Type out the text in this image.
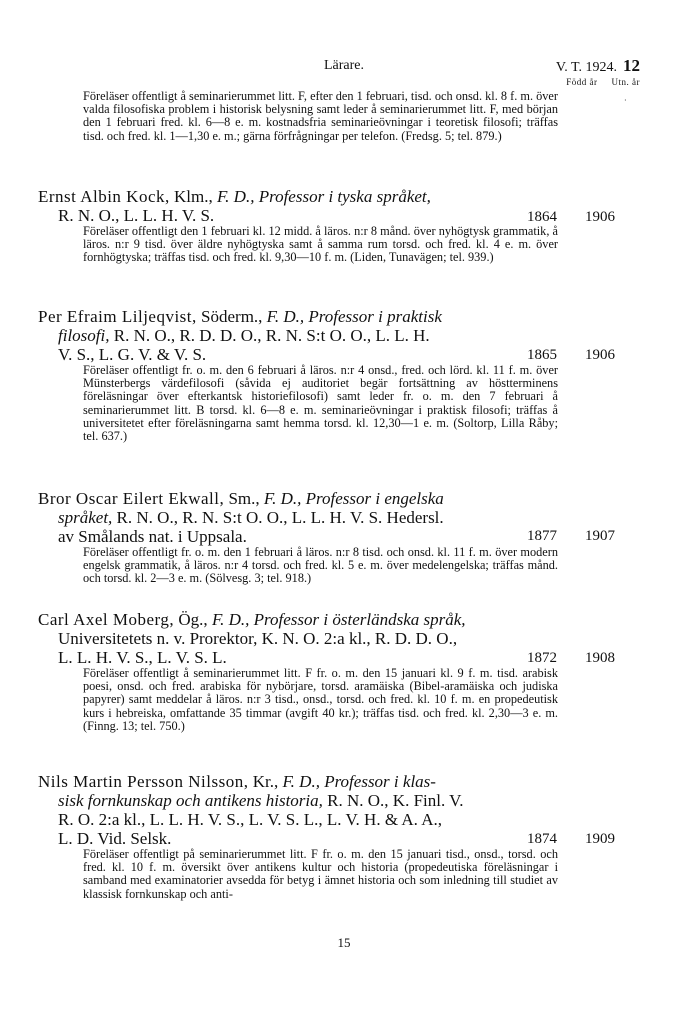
Lärare.	V. T. 1924. 12
Född år Utn. år
·
Föreläser offentligt å seminarierummet litt. F, efter den 1 februari, tisd. och onsd. kl. 8 f. m. över valda filosofiska problem i historisk belysning samt leder å seminarierummet litt. F, med början den 1 februari fred. kl. 6—8 e. m. kostnadsfria seminarieövningar i teoretisk filosofi; träffas tisd. och fred. kl. 1—1,30 e. m.; gärna förfrågningar per telefon. (Fredsg. 5; tel. 879.)
Ernst Albin Kock, Klm., F. D., Professor i tyska språket,
R. N. O., L. L. H. V. S.
Föreläser offentligt den 1 februari kl. 12 midd. å läros. n:r 8 månd. över nyhögtysk grammatik, å läros. n:r 9 tisd. över äldre nyhögtyska samt å samma rum torsd. och fred. kl. 4 e. m. över fornhögtyska; träffas tisd. och fred. kl. 9,30—10 f. m. (Liden, Tunavägen; tel. 939.)
1864 1906
Per Efraim Liljeqvist, Söderm., F. D., Professor i praktisk
filosofi, R. N. O., R. D. D. O., R. N. S:t O. O., L. L. H.
V. S., L. G. V. & V. S.
Föreläser offentligt fr. o. m. den 6 februari å läros. n:r 4 onsd., fred. och lörd. kl. 11 f. m. över Münsterbergs värdefilosofi (såvida ej auditoriet begär fortsättning av höstterminens föreläsningar över efterkantsk historiefilosofi) samt leder fr. o. m. den 7 februari å seminarierummet litt. B torsd. kl. 6—8 e. m. seminarieövningar i praktisk filosofi; träffas å universitetet efter föreläsningarna samt hemma torsd. kl. 12,30—1 e. m. (Soltorp, Lilla Råby; tel. 637.)
1865 1906
Bror Oscar Eilert Ekwall, Sm., F. D., Professor i engelska
språket, R. N. O., R. N. S:t O. O., L. L. H. V. S. Hedersl.
av Smålands nat. i Uppsala.
Föreläser offentligt fr. o. m. den 1 februari å läros. n:r 8 tisd. och onsd. kl. 11 f. m. över modern engelsk grammatik, å läros. n:r 4 torsd. och fred. kl. 5 e. m. över medelengelska; träffas månd. och torsd. kl. 2—3 e. m. (Sölvesg. 3; tel. 918.)
1877 1907
Carl Axel Moberg, Ög., F. D., Professor i österländska språk,
Universitetets n. v. Prorektor, K. N. O. 2:a kl., R. D. D. O.,
L. L. H. V. S., L. V. S. L.
Föreläser offentligt å seminarierummet litt. F fr. o. m. den 15 januari kl. 9 f. m. tisd. arabisk poesi, onsd. och fred. arabiska för nybörjare, torsd. aramäiska (Bibel-aramäiska och judiska papyrer) samt meddelar å läros. n:r 3 tisd., onsd., torsd. och fred. kl. 10 f. m. en propedeutisk kurs i hebreiska, omfattande 35 timmar (avgift 40 kr.); träffas tisd. och fred. kl. 2,30—3 e. m. (Finng. 13; tel. 750.)
1872 1908
Nils Martin Persson Nilsson, Kr., F. D., Professor i klas-
sisk fornkunskap och antikens historia, R. N. O., K. Finl. V.
R. O. 2:a kl., L. L. H. V. S., L. V. S. L., L. V. H. & A. A.,
L. D. Vid. Selsk.
Föreläser offentligt på seminarierummet litt. F fr. o. m. den 15 januari tisd., onsd., torsd. och fred. kl. 10 f. m. översikt över antikens kultur och historia (propedeutiska föreläsningar i samband med examinatorier avsedda för betyg i ämnet historia och som inledning till studiet av klassisk fornkunskap och anti-
1874 1909
15
